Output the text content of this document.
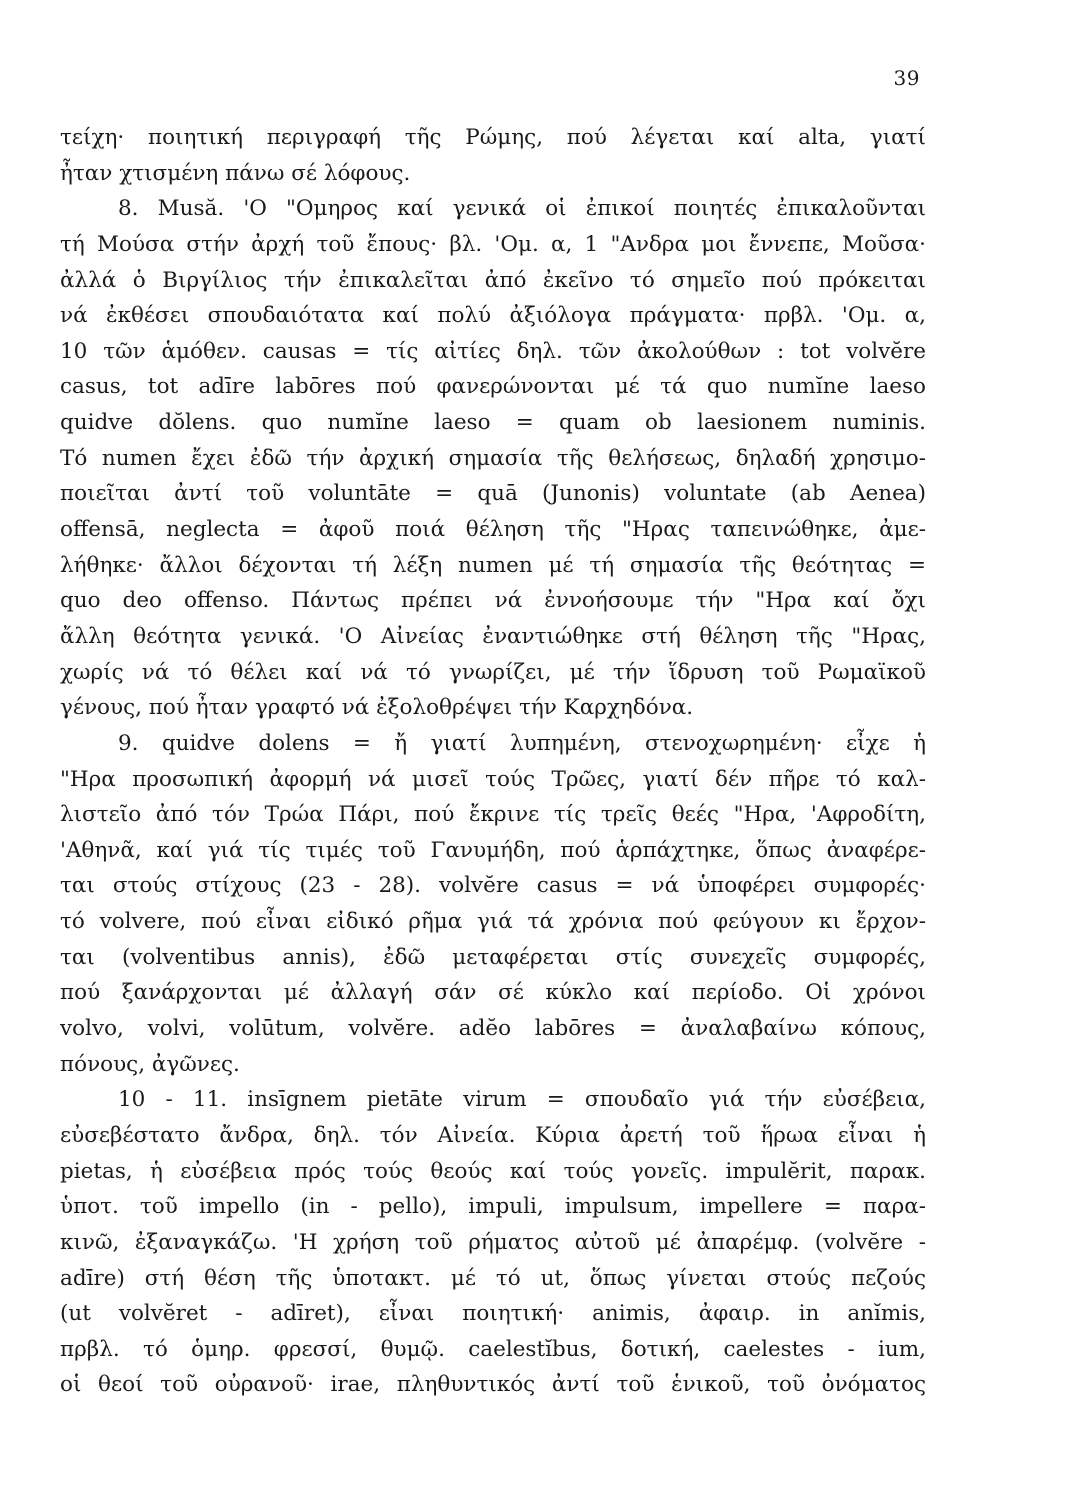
39
τείχη· ποιητική περιγραφή τῆς Ρώμης, πού λέγεται καί alta, γιατί
ἦταν χτισμένη πάνω σέ λόφους.
8. Musă. 'Ο "Ομηρος καί γενικά οἱ ἐπικοί ποιητές ἐπικαλοῦνται
τή Μούσα στήν ἀρχή τοῦ ἔπους· βλ. 'Ομ. α, 1 "Ανδρα μοι ἔννεπε, Μοῦσα·
ἀλλά ὁ Βιργίλιος τήν ἐπικαλεῖται ἀπό ἐκεῖνο τό σημεῖο πού πρόκειται
νά ἐκθέσει σπουδαιότατα καί πολύ ἀξιόλογα πράγματα· πρβλ. 'Ομ. α,
10 τῶν ἁμόθεν. causas = τίς αἰτίες δηλ. τῶν ἀκολούθων : tot volvĕre
casus, tot adīre labōres πού φανερώνονται μέ τά quo numĭne laeso
quidve dŏlens. quo numĭne laeso = quam ob laesionem numinis.
Τό numen ἔχει ἐδῶ τήν ἀρχική σημασία τῆς θελήσεως, δηλαδή χρησιμο-
ποιεῖται ἀντί τοῦ voluntāte = quā (Junonis) voluntate (ab Aenea)
offensā, neglecta = ἀφοῦ ποιά θέληση τῆς "Ηρας ταπεινώθηκε, ἀμε-
λήθηκε· ἄλλοι δέχονται τή λέξη numen μέ τή σημασία τῆς θεότητας =
quo deo offenso. Πάντως πρέπει νά ἐννοήσουμε τήν "Ηρα καί ὄχι
ἄλλη θεότητα γενικά. 'Ο Αἰνείας ἐναντιώθηκε στή θέληση τῆς "Ηρας,
χωρίς νά τό θέλει καί νά τό γνωρίζει, μέ τήν ἵδρυση τοῦ Ρωμαϊκοῦ
γένους, πού ἦταν γραφτό νά ἐξολοθρέψει τήν Καρχηδόνα.
9. quidve dolens = ἤ γιατί λυπημένη, στενοχωρημένη· εἶχε ἡ
"Ηρα προσωπική ἀφορμή νά μισεῖ τούς Τρῶες, γιατί δέν πῆρε τό καλ-
λιστεῖο ἀπό τόν Τρώα Πάρι, πού ἔκρινε τίς τρεῖς θεές "Ηρα, 'Αφροδίτη,
'Αθηνᾶ, καί γιά τίς τιμές τοῦ Γανυμήδη, πού ἁρπάχτηκε, ὅπως ἀναφέρε-
ται στούς στίχους (23 - 28). volvĕre casus = νά ὑποφέρει συμφορές·
τό volvere, πού εἶναι εἰδικό ρῆμα γιά τά χρόνια πού φεύγουν κι ἔρχον-
ται (volventibus annis), ἐδῶ μεταφέρεται στίς συνεχεῖς συμφορές,
πού ξανάρχονται μέ ἀλλαγή σάν σέ κύκλο καί περίοδο. Οἱ χρόνοι
volvo, volvi, volūtum, volvĕre. adĕo labōres = ἀναλαβαίνω κόπους,
πόνους, ἀγῶνες.
10 - 11. insīgnem pietāte virum = σπουδαῖο γιά τήν εὐσέβεια,
εὐσεβέστατο ἄνδρα, δηλ. τόν Αἰνεία. Κύρια ἀρετή τοῦ ἥρωα εἶναι ἡ
pietas, ἡ εὐσέβεια πρός τούς θεούς καί τούς γονεῖς. impulĕrit, παρακ.
ὑποτ. τοῦ impello (in - pello), impuli, impulsum, impellere = παρα-
κινῶ, ἐξαναγκάζω. 'Η χρήση τοῦ ρήματος αὐτοῦ μέ ἀπαρέμφ. (volvĕre -
adīre) στή θέση τῆς ὑποτακτ. μέ τό ut, ὅπως γίνεται στούς πεζούς
(ut volvĕret - adīret), εἶναι ποιητική· animis, ἀφαιρ. in anĭmis,
πρβλ. τό ὁμηρ. φρεσσί, θυμῷ. caelestĭbus, δοτική, caelestes - ium,
οἱ θεοί τοῦ οὐρανοῦ· irae, πληθυντικός ἀντί τοῦ ἑνικοῦ, τοῦ ὀνόματος
